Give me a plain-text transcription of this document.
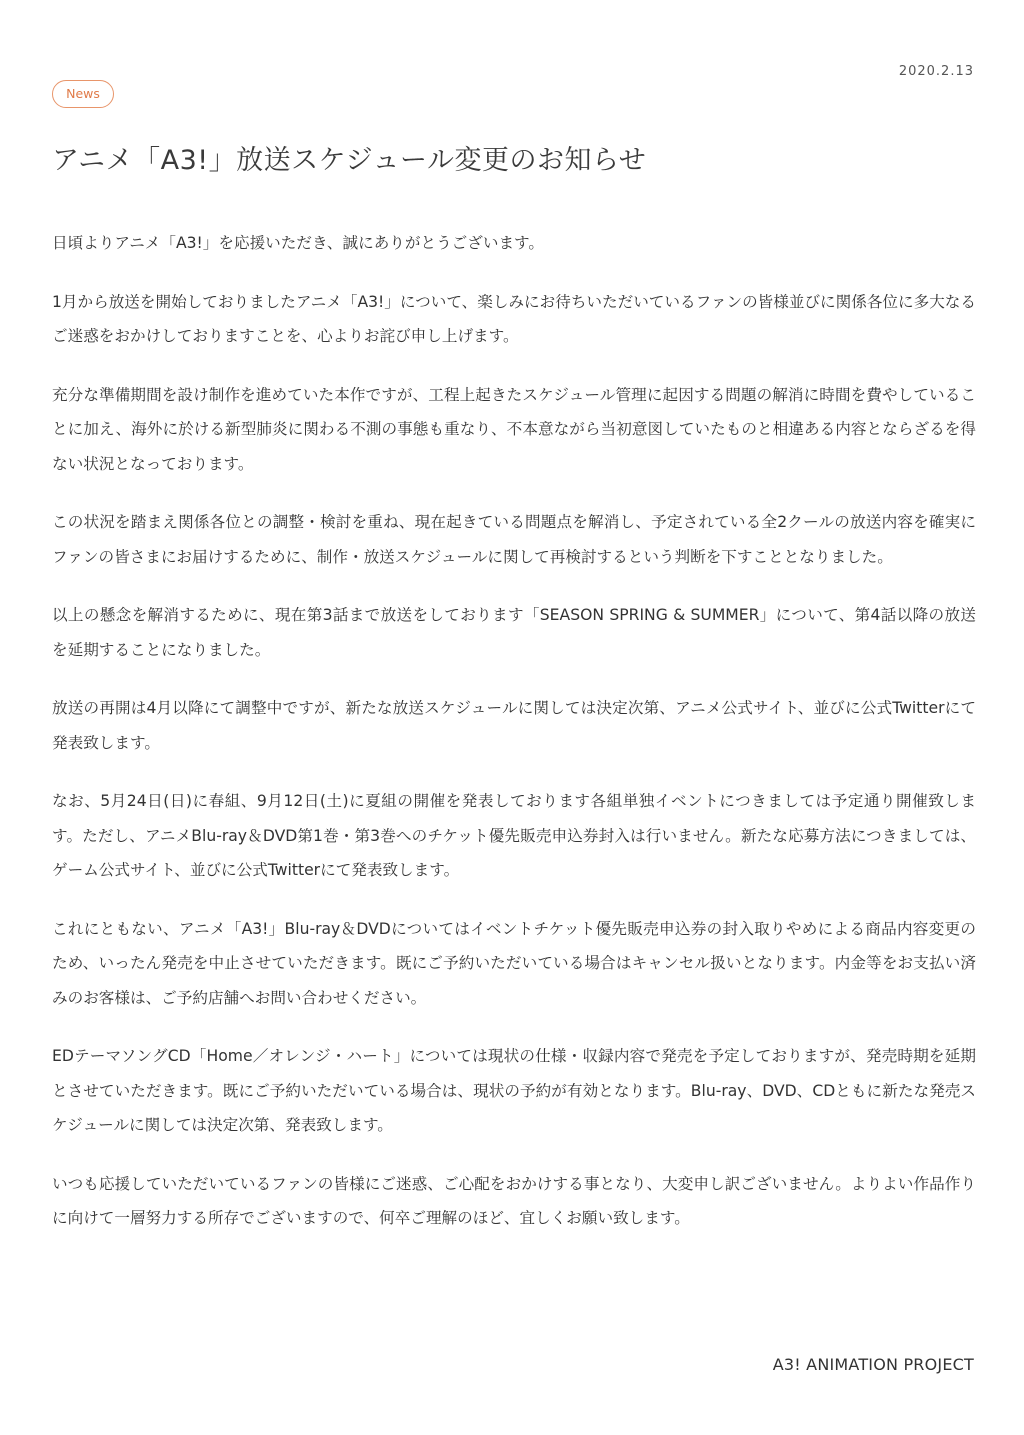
2020.2.13
News
アニメ「A3!」放送スケジュール変更のお知らせ

日頃よりアニメ「A3!」を応援いただき、誠にありがとうございます。

1月から放送を開始しておりましたアニメ「A3!」について、楽しみにお待ちいただいているファンの皆様並びに関係各位に多大なるご迷惑をおかけしておりますことを、心よりお詫び申し上げます。

充分な準備期間を設け制作を進めていた本作ですが、工程上起きたスケジュール管理に起因する問題の解消に時間を費やしていることに加え、海外に於ける新型肺炎に関わる不測の事態も重なり、不本意ながら当初意図していたものと相違ある内容とならざるを得ない状況となっております。

この状況を踏まえ関係各位との調整・検討を重ね、現在起きている問題点を解消し、予定されている全2クールの放送内容を確実にファンの皆さまにお届けするために、制作・放送スケジュールに関して再検討するという判断を下すこととなりました。

以上の懸念を解消するために、現在第3話まで放送をしております「SEASON SPRING & SUMMER」について、第4話以降の放送を延期することになりました。

放送の再開は4月以降にて調整中ですが、新たな放送スケジュールに関しては決定次第、アニメ公式サイト、並びに公式Twitterにて発表致します。

なお、5月24日(日)に春組、9月12日(土)に夏組の開催を発表しております各組単独イベントにつきましては予定通り開催致します。ただし、アニメBlu-ray＆DVD第1巻・第3巻へのチケット優先販売申込券封入は行いません。新たな応募方法につきましては、ゲーム公式サイト、並びに公式Twitterにて発表致します。

これにともない、アニメ「A3!」Blu-ray＆DVDについてはイベントチケット優先販売申込券の封入取りやめによる商品内容変更のため、いったん発売を中止させていただきます。既にご予約いただいている場合はキャンセル扱いとなります。内金等をお支払い済みのお客様は、ご予約店舗へお問い合わせください。

EDテーマソングCD「Home／オレンジ・ハート」については現状の仕様・収録内容で発売を予定しておりますが、発売時期を延期とさせていただきます。既にご予約いただいている場合は、現状の予約が有効となります。Blu-ray、DVD、CDともに新たな発売スケジュールに関しては決定次第、発表致します。

いつも応援していただいているファンの皆様にご迷惑、ご心配をおかけする事となり、大変申し訳ございません。よりよい作品作りに向けて一層努力する所存でございますので、何卒ご理解のほど、宜しくお願い致します。

A3! ANIMATION PROJECT
